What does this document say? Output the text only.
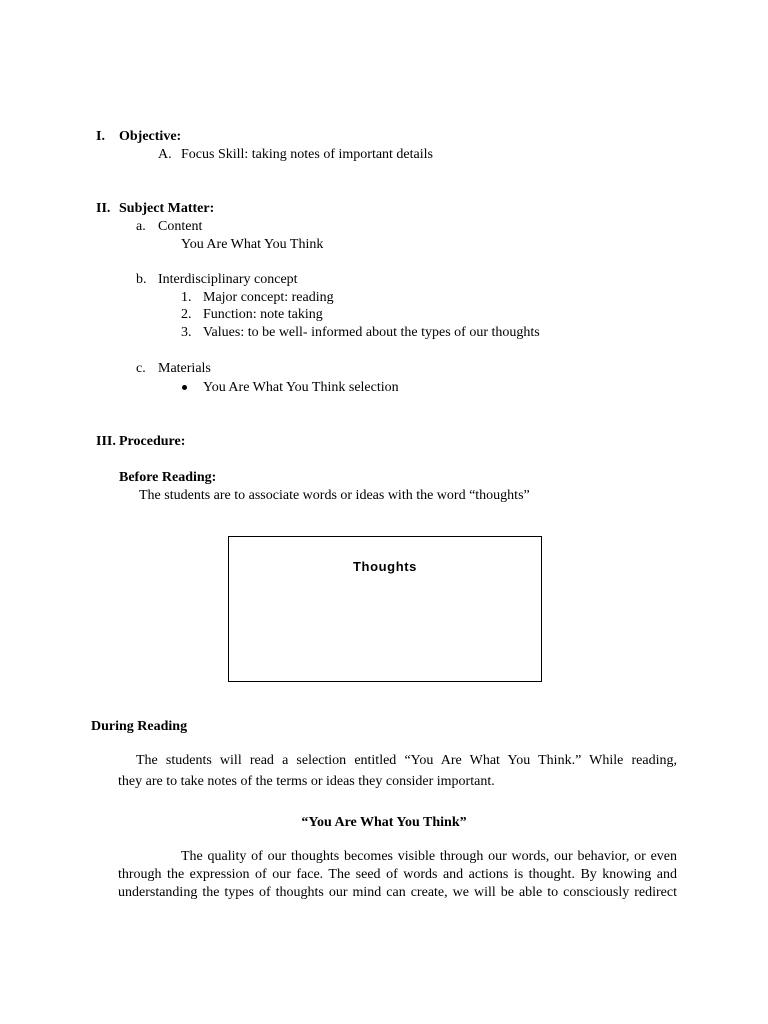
I. Objective:
A. Focus Skill: taking notes of important details
II. Subject Matter:
a. Content
You Are What You Think
b. Interdisciplinary concept
1. Major concept: reading
2. Function: note taking
3. Values: to be well- informed about the types of our thoughts
c. Materials
You Are What You Think selection
III. Procedure:
Before Reading:
The students are to associate words or ideas with the word “thoughts”
Thoughts
During Reading
The students will read a selection entitled “You Are What You Think.” While reading,
they are to take notes of the terms or ideas they consider important.
“You Are What You Think”
The quality of our thoughts becomes visible through our words, our behavior, or even
through the expression of our face. The seed of words and actions is thought. By knowing and
understanding the types of thoughts our mind can create, we will be able to consciously redirect
